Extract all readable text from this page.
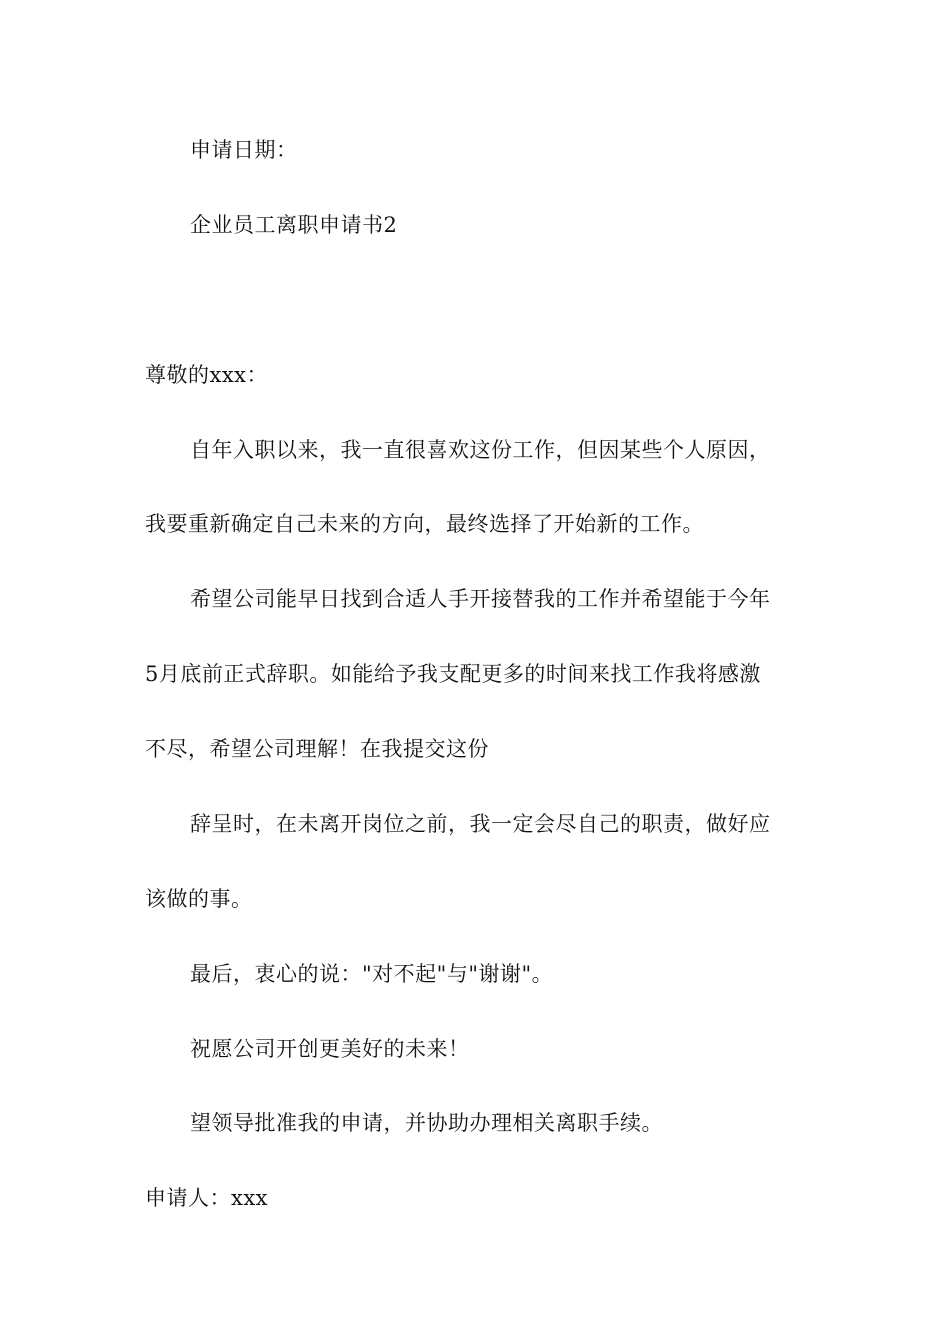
申请日期：
企业员工离职申请书2
尊敬的xxx：
自年入职以来，我一直很喜欢这份工作，但因某些个人原因，
我要重新确定自己未来的方向，最终选择了开始新的工作。
希望公司能早日找到合适人手开接替我的工作并希望能于今年
5月底前正式辞职。如能给予我支配更多的时间来找工作我将感激
不尽，希望公司理解！在我提交这份
辞呈时，在未离开岗位之前，我一定会尽自己的职责，做好应
该做的事。
最后，衷心的说："对不起"与"谢谢"。
祝愿公司开创更美好的未来！
望领导批准我的申请，并协助办理相关离职手续。
申请人：xxx
